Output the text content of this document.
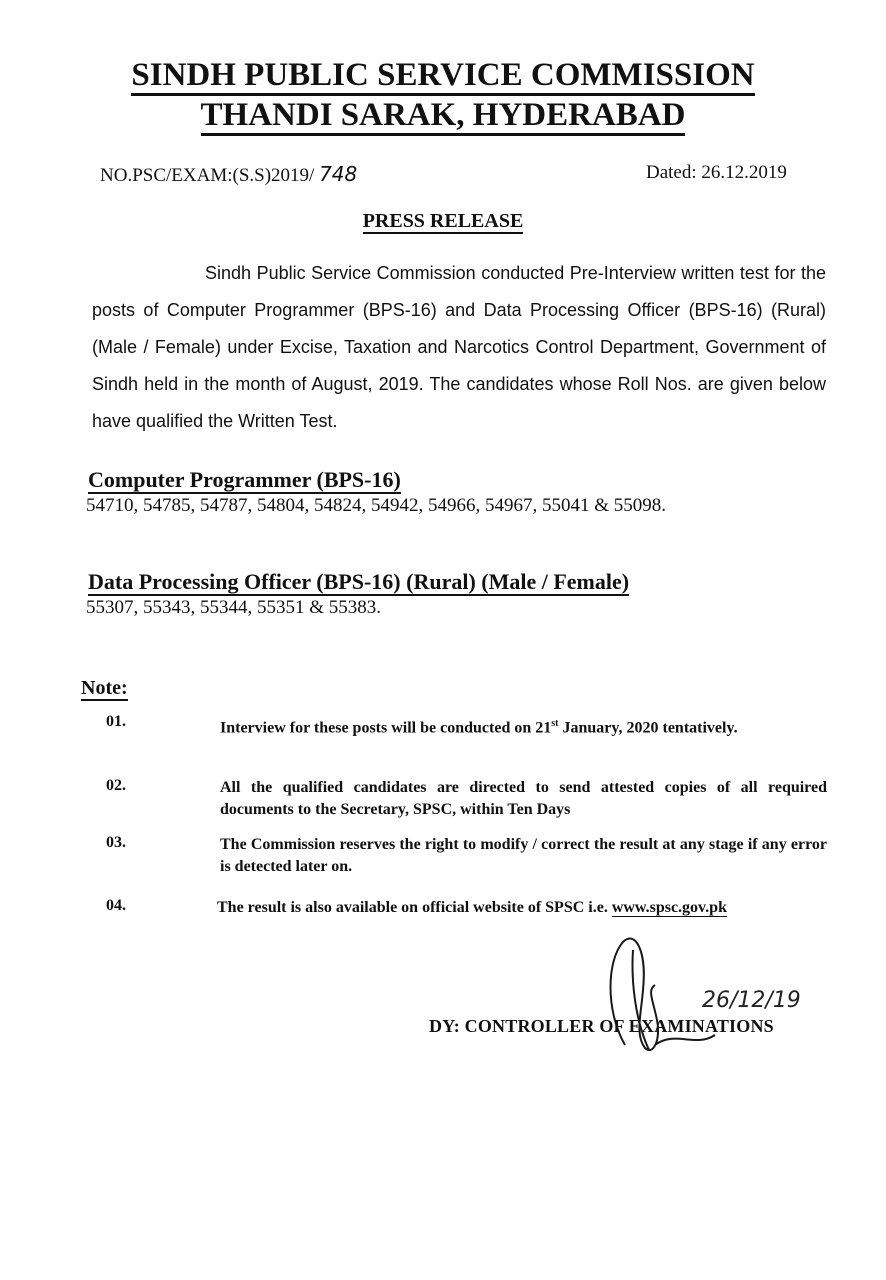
SINDH PUBLIC SERVICE COMMISSION
THANDI SARAK, HYDERABAD
NO.PSC/EXAM:(S.S)2019/ 748	Dated: 26.12.2019
PRESS RELEASE
Sindh Public Service Commission conducted Pre-Interview written test for the posts of Computer Programmer (BPS-16) and Data Processing Officer (BPS-16) (Rural) (Male / Female) under Excise, Taxation and Narcotics Control Department, Government of Sindh held in the month of August, 2019. The candidates whose Roll Nos. are given below have qualified the Written Test.
Computer Programmer (BPS-16)
54710, 54785, 54787, 54804, 54824, 54942, 54966, 54967, 55041 & 55098.
Data Processing Officer (BPS-16) (Rural) (Male / Female)
55307, 55343, 55344, 55351 & 55383.
Note:
01.	Interview for these posts will be conducted on 21st January, 2020 tentatively.
02.	All the qualified candidates are directed to send attested copies of all required documents to the Secretary, SPSC, within Ten Days
03.	The Commission reserves the right to modify / correct the result at any stage if any error is detected later on.
04.	The result is also available on official website of SPSC i.e. www.spsc.gov.pk
DY: CONTROLLER OF EXAMINATIONS
26/12/19
